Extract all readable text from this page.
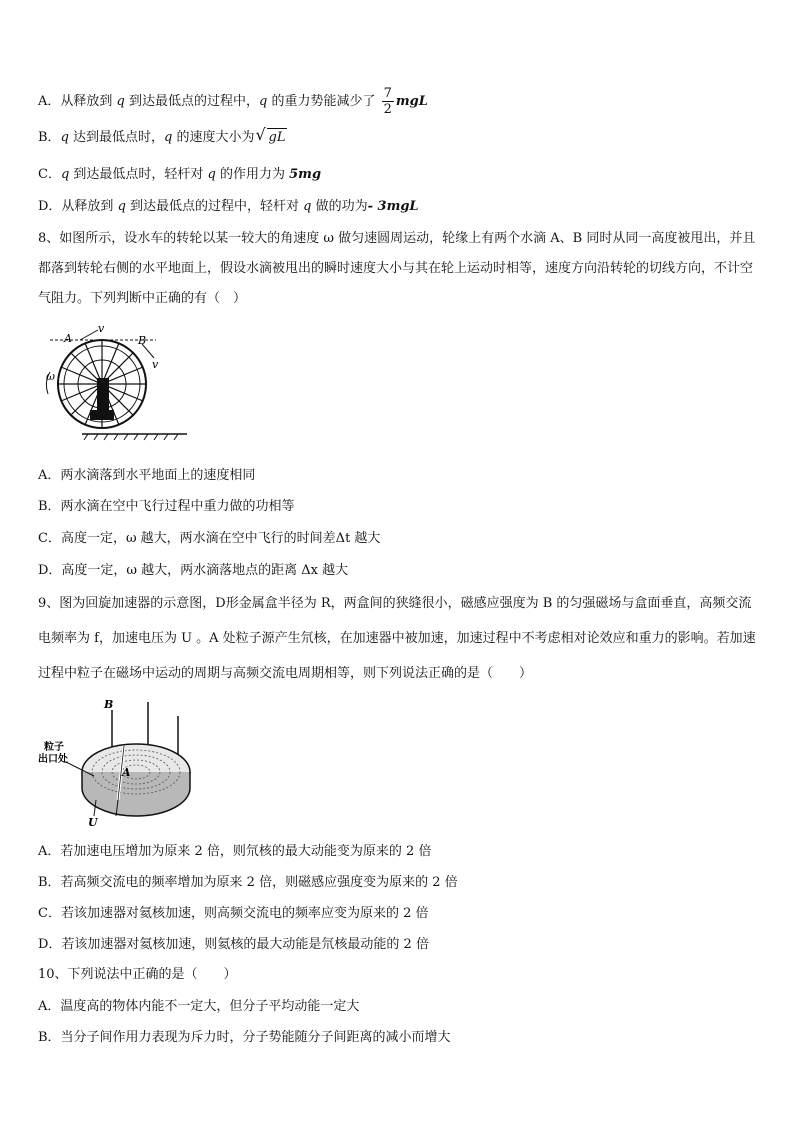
A．从释放到 q 到达最低点的过程中，q 的重力势能减少了 $\frac{7}{2}$ mgL
B．q 达到最低点时，q 的速度大小为√ gL
C．q 到达最低点时，轻杆对 q 的作用力为 5mg
D．从释放到 q 到达最低点的过程中，轻杆对 q 做的功为- 3mgL
8、如图所示，设水车的转轮以某一较大的角速度 ω 做匀速圆周运动，轮缘上有两个水滴 A、B 同时从同一高度被甩出，并且都落到转轮右侧的水平地面上，假设水滴被甩出的瞬时速度大小与其在轮上运动时相等，速度方向沿转轮的切线方向，不计空气阻力。下列判断中正确的有（　）
A	B
v
v
ω
A．两水滴落到水平地面上的速度相同
B．两水滴在空中飞行过程中重力做的功相等
C．高度一定，ω 越大，两水滴在空中飞行的时间差Δt 越大
D．高度一定，ω 越大，两水滴落地点的距离 Δx 越大
9、图为回旋加速器的示意图，D形金属盒半径为 R，两盒间的狭缝很小，磁感应强度为 B 的匀强磁场与盒面垂直，高频交流电频率为 f，加速电压为 U 。A 处粒子源产生氘核，在加速器中被加速，加速过程中不考虑相对论效应和重力的影响。若加速过程中粒子在磁场中运动的周期与高频交流电周期相等，则下列说法正确的是（　　）
B
粒子
出口处
A
U
A．若加速电压增加为原来 2 倍，则氘核的最大动能变为原来的 2 倍
B．若高频交流电的频率增加为原来 2 倍，则磁感应强度变为原来的 2 倍
C．若该加速器对氦核加速，则高频交流电的频率应变为原来的 2 倍
D．若该加速器对氦核加速，则氦核的最大动能是氘核最动能的 2 倍
10、下列说法中正确的是（　　）
A．温度高的物体内能不一定大，但分子平均动能一定大
B．当分子间作用力表现为斥力时，分子势能随分子间距离的减小而增大
